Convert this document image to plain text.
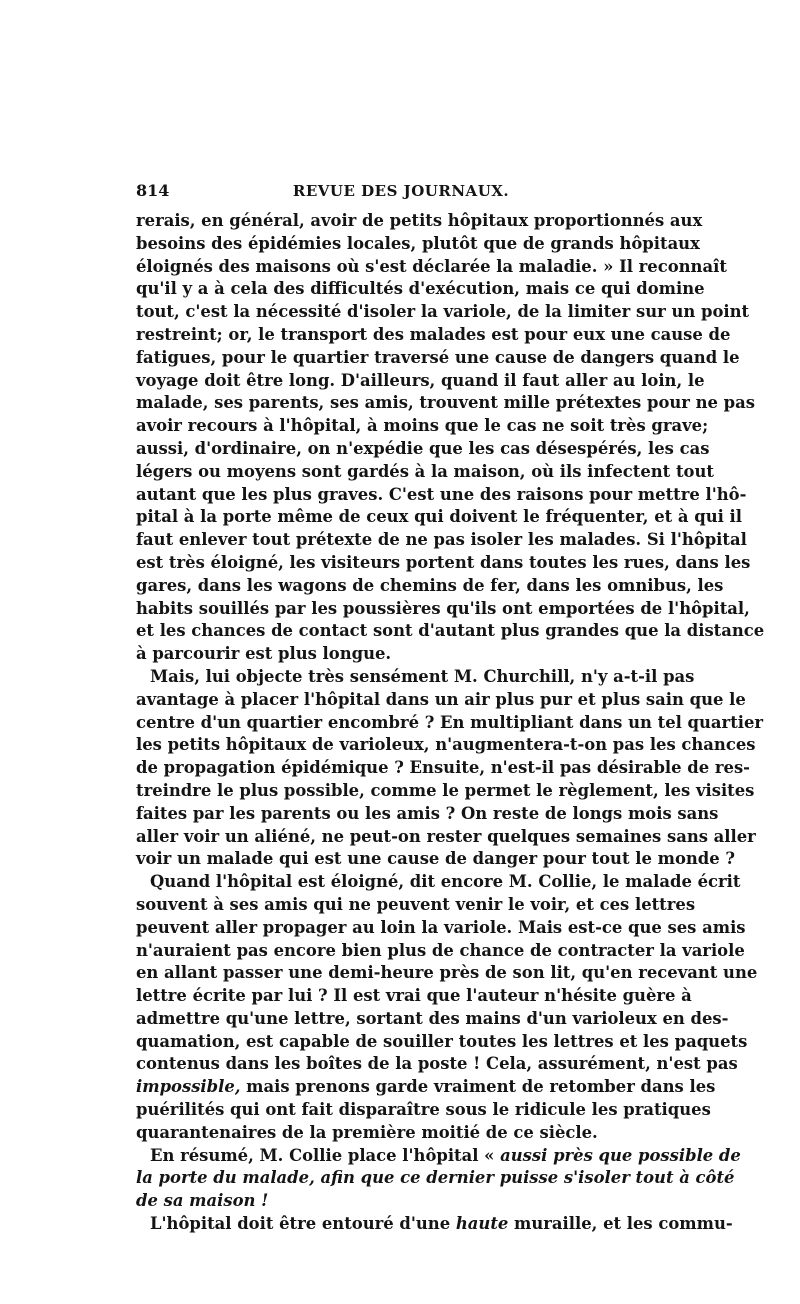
814	REVUE DES JOURNAUX.
rerais, en général, avoir de petits hôpitaux proportionnés aux
besoins des épidémies locales, plutôt que de grands hôpitaux
éloignés des maisons où s'est déclarée la maladie. » Il reconnaît
qu'il y a à cela des difficultés d'exécution, mais ce qui domine
tout, c'est la nécessité d'isoler la variole, de la limiter sur un point
restreint; or, le transport des malades est pour eux une cause de
fatigues, pour le quartier traversé une cause de dangers quand le
voyage doit être long. D'ailleurs, quand il faut aller au loin, le
malade, ses parents, ses amis, trouvent mille prétextes pour ne pas
avoir recours à l'hôpital, à moins que le cas ne soit très grave;
aussi, d'ordinaire, on n'expédie que les cas désespérés, les cas
légers ou moyens sont gardés à la maison, où ils infectent tout
autant que les plus graves. C'est une des raisons pour mettre l'hô-
pital à la porte même de ceux qui doivent le fréquenter, et à qui il
faut enlever tout prétexte de ne pas isoler les malades. Si l'hôpital
est très éloigné, les visiteurs portent dans toutes les rues, dans les
gares, dans les wagons de chemins de fer, dans les omnibus, les
habits souillés par les poussières qu'ils ont emportées de l'hôpital,
et les chances de contact sont d'autant plus grandes que la distance
à parcourir est plus longue.
Mais, lui objecte très sensément M. Churchill, n'y a-t-il pas
avantage à placer l'hôpital dans un air plus pur et plus sain que le
centre d'un quartier encombré ? En multipliant dans un tel quartier
les petits hôpitaux de varioleux, n'augmentera-t-on pas les chances
de propagation épidémique ? Ensuite, n'est-il pas désirable de res-
treindre le plus possible, comme le permet le règlement, les visites
faites par les parents ou les amis ? On reste de longs mois sans
aller voir un aliéné, ne peut-on rester quelques semaines sans aller
voir un malade qui est une cause de danger pour tout le monde ?
Quand l'hôpital est éloigné, dit encore M. Collie, le malade écrit
souvent à ses amis qui ne peuvent venir le voir, et ces lettres
peuvent aller propager au loin la variole. Mais est-ce que ses amis
n'auraient pas encore bien plus de chance de contracter la variole
en allant passer une demi-heure près de son lit, qu'en recevant une
lettre écrite par lui ? Il est vrai que l'auteur n'hésite guère à
admettre qu'une lettre, sortant des mains d'un varioleux en des-
quamation, est capable de souiller toutes les lettres et les paquets
contenus dans les boîtes de la poste ! Cela, assurément, n'est pas
impossible, mais prenons garde vraiment de retomber dans les
puérilités qui ont fait disparaître sous le ridicule les pratiques
quarantenaires de la première moitié de ce siècle.
En résumé, M. Collie place l'hôpital « aussi près que possible de
la porte du malade, afin que ce dernier puisse s'isoler tout à côté
de sa maison !
L'hôpital doit être entouré d'une haute muraille, et les commu-
